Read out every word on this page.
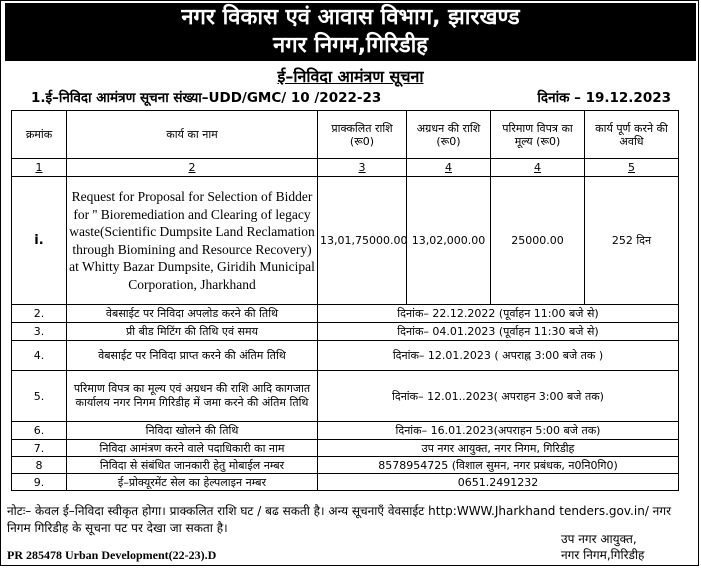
नगर विकास एवं आवास विभाग, झारखण्ड
नगर निगम,गिरिडीह
ई–निविदा आमंत्रण सूचना
1.ई–निविदा आमंत्रण सूचना संख्या–UDD/GMC/ 10 /2022-23	दिनांक – 19.12.2023
क्रमांक	कार्य का नाम	प्राक्कलित राशि (रू0)	अग्रधन की राशि (रू0)	परिमाण विपत्र का मूल्य (रू0)	कार्य पूर्ण करने की अवधि
1	2	3	4	4	5
i.	Request for Proposal for Selection of Bidder for '' Bioremediation and Clearing of legacy waste(Scientific Dumpsite Land Reclamation through Biomining and Resource Recovery) at Whitty Bazar Dumpsite, Giridih Municipal Corporation, Jharkhand	13,01,75000.00	13,02,000.00	25000.00	252 दिन
2.	वेबसाईट पर निविदा अपलोड करने की तिथि	दिनांक– 22.12.2022 (पूर्वाहन 11:00 बजे से)			
3.	प्री बीड मिटिंग की तिथि एवं समय	दिनांक– 04.01.2023 (पूर्वाहन 11:30 बजे से)			
4.	वेबसाईट पर निविदा प्राप्त करने की अंतिम तिथि	दिनांक– 12.01.2023 ( अपराह्न 3:00 बजे तक )			
5.	परिमाण विपत्र का मूल्य एवं अग्रधन की राशि आदि कागजात कार्यालय नगर निगम गिरिडीह में जमा करने की अंतिम तिथि	दिनांक– 12.01..2023( अपराहन 3:00 बजे तक)			
6.	निविदा खोलने की तिथि	दिनांक– 16.01.2023(अपराहन 5:00 बजे तक)			
7.	निविदा आमंत्रण करने वाले पदाधिकारी का नाम	उप नगर आयुक्त, नगर निगम, गिरिडीह			
8	निविदा से संबंधित जानकारी हेतु मोबाईल नम्बर	8578954725 (विशाल सुमन, नगर प्रबंधक, न0नि0गि0)			
9.	ई–प्रोक्यूरमेंट सेल का हेल्पलाइन नम्बर	0651.2491232			
नोटः– केवल ई–निविदा स्वीकृत होगा। प्राक्कलित राशि घट / बढ सकती है। अन्य सूचनाएँ वेवसाईट http:WWW.Jharkhand tenders.gov.in/ नगर निगम गिरिडीह के सूचना पट पर देखा जा सकता है।
उप नगर आयुक्त,
नगर निगम,गिरिडीह
PR 285478 Urban Development(22-23).D
